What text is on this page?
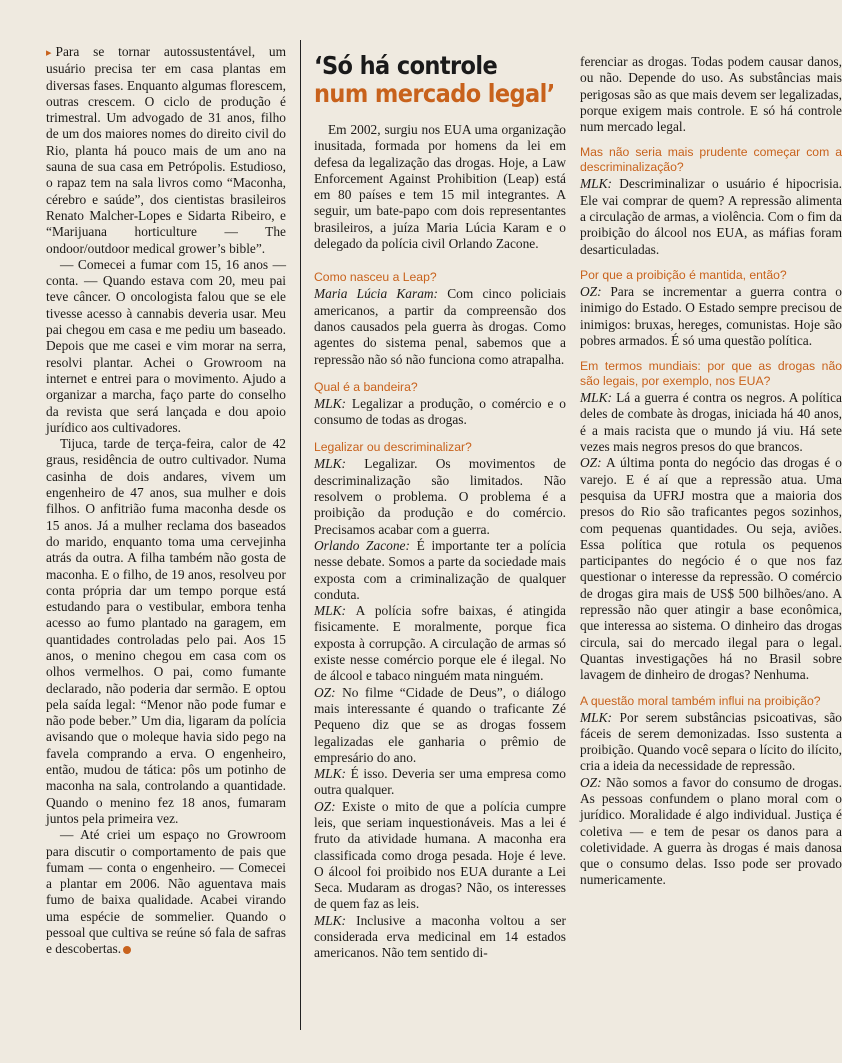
▸ Para se tornar autossustentável, um usuário precisa ter em casa plantas em diversas fases. Enquanto algumas florescem, outras crescem. O ciclo de produção é trimestral. Um advogado de 31 anos, filho de um dos maiores nomes do direito civil do Rio, planta há pouco mais de um ano na sauna de sua casa em Petrópolis. Estudioso, o rapaz tem na sala livros como “Maconha, cérebro e saúde”, dos cientistas brasileiros Renato Malcher-Lopes e Sidarta Ribeiro, e “Marijuana horticulture — The ondoor/outdoor medical grower’s bible”.

— Comecei a fumar com 15, 16 anos — conta. — Quando estava com 20, meu pai teve câncer. O oncologista falou que se ele tivesse acesso à cannabis deveria usar. Meu pai chegou em casa e me pediu um baseado. Depois que me casei e vim morar na serra, resolvi plantar. Achei o Growroom na internet e entrei para o movimento. Ajudo a organizar a marcha, faço parte do conselho da revista que será lançada e dou apoio jurídico aos cultivadores.

Tijuca, tarde de terça-feira, calor de 42 graus, residência de outro cultivador. Numa casinha de dois andares, vivem um engenheiro de 47 anos, sua mulher e dois filhos. O anfitrião fuma maconha desde os 15 anos. Já a mulher reclama dos baseados do marido, enquanto toma uma cervejinha atrás da outra. A filha também não gosta de maconha. E o filho, de 19 anos, resolveu por conta própria dar um tempo porque está estudando para o vestibular, embora tenha acesso ao fumo plantado na garagem, em quantidades controladas pelo pai. Aos 15 anos, o menino chegou em casa com os olhos vermelhos. O pai, como fumante declarado, não poderia dar sermão. E optou pela saída legal: “Menor não pode fumar e não pode beber.” Um dia, ligaram da polícia avisando que o moleque havia sido pego na favela comprando a erva. O engenheiro, então, mudou de tática: pôs um potinho de maconha na sala, controlando a quantidade. Quando o menino fez 18 anos, fumaram juntos pela primeira vez.

— Até criei um espaço no Growroom para discutir o comportamento de pais que fumam — conta o engenheiro. — Comecei a plantar em 2006. Não aguentava mais fumo de baixa qualidade. Acabei virando uma espécie de sommelier. Quando o pessoal que cultiva se reúne só fala de safras e descobertas.

‘Só há controle
num mercado legal’

Em 2002, surgiu nos EUA uma organização inusitada, formada por homens da lei em defesa da legalização das drogas. Hoje, a Law Enforcement Against Prohibition (Leap) está em 80 países e tem 15 mil integrantes. A seguir, um bate-papo com dois representantes brasileiros, a juíza Maria Lúcia Karam e o delegado da polícia civil Orlando Zacone.

Como nasceu a Leap?

Maria Lúcia Karam: Com cinco policiais americanos, a partir da compreensão dos danos causados pela guerra às drogas. Como agentes do sistema penal, sabemos que a repressão não só não funciona como atrapalha.

Qual é a bandeira?

MLK: Legalizar a produção, o comércio e o consumo de todas as drogas.

Legalizar ou descriminalizar?

MLK: Legalizar. Os movimentos de descriminalização são limitados. Não resolvem o problema. O problema é a proibição da produção e do comércio. Precisamos acabar com a guerra.

Orlando Zacone: É importante ter a polícia nesse debate. Somos a parte da sociedade mais exposta com a criminalização de qualquer conduta.

MLK: A polícia sofre baixas, é atingida fisicamente. E moralmente, porque fica exposta à corrupção. A circulação de armas só existe nesse comércio porque ele é ilegal. No de álcool e tabaco ninguém mata ninguém.

OZ: No filme “Cidade de Deus”, o diálogo mais interessante é quando o traficante Zé Pequeno diz que se as drogas fossem legalizadas ele ganharia o prêmio de empresário do ano.

MLK: É isso. Deveria ser uma empresa como outra qualquer.

OZ: Existe o mito de que a polícia cumpre leis, que seriam inquestionáveis. Mas a lei é fruto da atividade humana. A maconha era classificada como droga pesada. Hoje é leve. O álcool foi proibido nos EUA durante a Lei Seca. Mudaram as drogas? Não, os interesses de quem faz as leis.

MLK: Inclusive a maconha voltou a ser considerada erva medicinal em 14 estados americanos. Não tem sentido di-

ferenciar as drogas. Todas podem causar danos, ou não. Depende do uso. As substâncias mais perigosas são as que mais devem ser legalizadas, porque exigem mais controle. E só há controle num mercado legal.

Mas não seria mais prudente começar com a descriminalização?

MLK: Descriminalizar o usuário é hipocrisia. Ele vai comprar de quem? A repressão alimenta a circulação de armas, a violência. Com o fim da proibição do álcool nos EUA, as máfias foram desarticuladas.

Por que a proibição é mantida, então?

OZ: Para se incrementar a guerra contra o inimigo do Estado. O Estado sempre precisou de inimigos: bruxas, hereges, comunistas. Hoje são pobres armados. É só uma questão política.

Em termos mundiais: por que as drogas não são legais, por exemplo, nos EUA?

MLK: Lá a guerra é contra os negros. A política deles de combate às drogas, iniciada há 40 anos, é a mais racista que o mundo já viu. Há sete vezes mais negros presos do que brancos.

OZ: A última ponta do negócio das drogas é o varejo. E é aí que a repressão atua. Uma pesquisa da UFRJ mostra que a maioria dos presos do Rio são traficantes pegos sozinhos, com pequenas quantidades. Ou seja, aviões. Essa política que rotula os pequenos participantes do negócio é o que nos faz questionar o interesse da repressão. O comércio de drogas gira mais de US$ 500 bilhões/ano. A repressão não quer atingir a base econômica, que interessa ao sistema. O dinheiro das drogas circula, sai do mercado ilegal para o legal. Quantas investigações há no Brasil sobre lavagem de dinheiro de drogas? Nenhuma.

A questão moral também influi na proibição?

MLK: Por serem substâncias psicoativas, são fáceis de serem demonizadas. Isso sustenta a proibição. Quando você separa o lícito do ilícito, cria a ideia da necessidade de repressão.

OZ: Não somos a favor do consumo de drogas. As pessoas confundem o plano moral com o jurídico. Moralidade é algo individual. Justiça é coletiva — e tem de pesar os danos para a coletividade. A guerra às drogas é mais danosa que o consumo delas. Isso pode ser provado numericamente.
